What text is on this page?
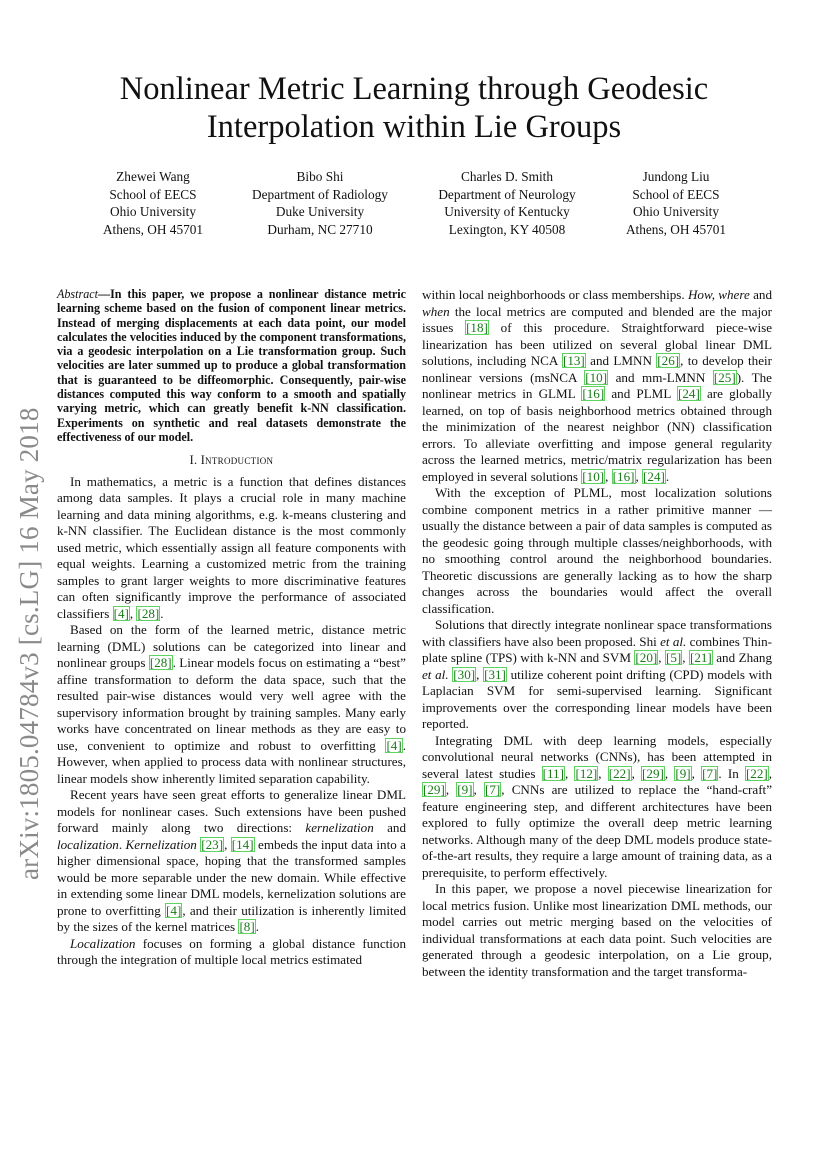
arXiv:1805.04784v3 [cs.LG] 16 May 2018
Nonlinear Metric Learning through Geodesic
Interpolation within Lie Groups
Zhewei Wang
School of EECS
Ohio University
Athens, OH 45701
Bibo Shi
Department of Radiology
Duke University
Durham, NC 27710
Charles D. Smith
Department of Neurology
University of Kentucky
Lexington, KY 40508
Jundong Liu
School of EECS
Ohio University
Athens, OH 45701
Abstract—In this paper, we propose a nonlinear distance metric learning scheme based on the fusion of component linear metrics. Instead of merging displacements at each data point, our model calculates the velocities induced by the component transformations, via a geodesic interpolation on a Lie transformation group. Such velocities are later summed up to produce a global transformation that is guaranteed to be diffeomorphic. Consequently, pair-wise distances computed this way conform to a smooth and spatially varying metric, which can greatly benefit k-NN classification. Experiments on synthetic and real datasets demonstrate the effectiveness of our model.
I. Introduction

In mathematics, a metric is a function that defines distances among data samples. It plays a crucial role in many machine learning and data mining algorithms, e.g. k-means clustering and k-NN classifier. The Euclidean distance is the most commonly used metric, which essentially assign all feature components with equal weights. Learning a customized metric from the training samples to grant larger weights to more discriminative features can often significantly improve the performance of associated classifiers [4], [28].

Based on the form of the learned metric, distance metric learning (DML) solutions can be categorized into linear and nonlinear groups [28]. Linear models focus on estimating a “best” affine transformation to deform the data space, such that the resulted pair-wise distances would very well agree with the supervisory information brought by training samples. Many early works have concentrated on linear methods as they are easy to use, convenient to optimize and robust to overfitting [4]. However, when applied to process data with nonlinear structures, linear models show inherently limited separation capability.

Recent years have seen great efforts to generalize linear DML models for nonlinear cases. Such extensions have been pushed forward mainly along two directions: kernelization and localization. Kernelization [23], [14] embeds the input data into a higher dimensional space, hoping that the transformed samples would be more separable under the new domain. While effective in extending some linear DML models, kernelization solutions are prone to overfitting [4], and their utilization is inherently limited by the sizes of the kernel matrices [8].

Localization focuses on forming a global distance function through the integration of multiple local metrics estimated

within local neighborhoods or class memberships. How, where and when the local metrics are computed and blended are the major issues [18] of this procedure. Straightforward piece-wise linearization has been utilized on several global linear DML solutions, including NCA [13] and LMNN [26], to develop their nonlinear versions (msNCA [10] and mm-LMNN [25]). The nonlinear metrics in GLML [16] and PLML [24] are globally learned, on top of basis neighborhood metrics obtained through the minimization of the nearest neighbor (NN) classification errors. To alleviate overfitting and impose general regularity across the learned metrics, metric/matrix regularization has been employed in several solutions [10], [16], [24].

With the exception of PLML, most localization solutions combine component metrics in a rather primitive manner — usually the distance between a pair of data samples is computed as the geodesic going through multiple classes/neighborhoods, with no smoothing control around the neighborhood boundaries. Theoretic discussions are generally lacking as to how the sharp changes across the boundaries would affect the overall classification.

Solutions that directly integrate nonlinear space transformations with classifiers have also been proposed. Shi et al. combines Thin-plate spline (TPS) with k-NN and SVM [20], [5], [21] and Zhang et al. [30], [31] utilize coherent point drifting (CPD) models with Laplacian SVM for semi-supervised learning. Significant improvements over the corresponding linear models have been reported.

Integrating DML with deep learning models, especially convolutional neural networks (CNNs), has been attempted in several latest studies [11], [12], [22], [29], [9], [7]. In [22], [29], [9], [7], CNNs are utilized to replace the “hand-craft” feature engineering step, and different architectures have been explored to fully optimize the overall deep metric learning networks. Although many of the deep DML models produce state-of-the-art results, they require a large amount of training data, as a prerequisite, to perform effectively.

In this paper, we propose a novel piecewise linearization for local metrics fusion. Unlike most linearization DML methods, our model carries out metric merging based on the velocities of individual transformations at each data point. Such velocities are generated through a geodesic interpolation, on a Lie group, between the identity transformation and the target transforma-
